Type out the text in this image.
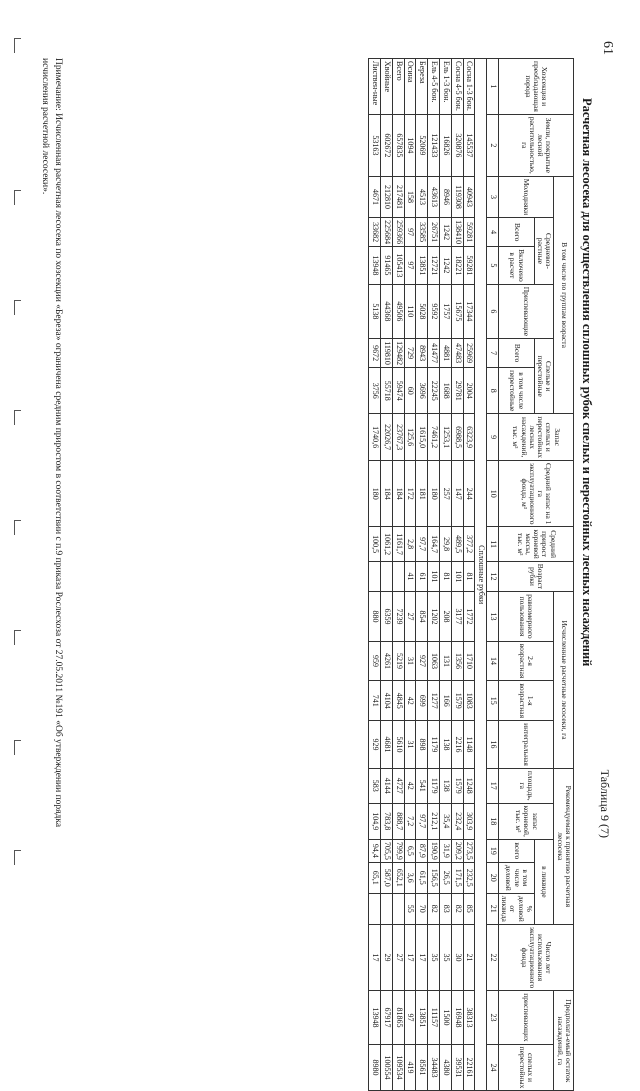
Таблица 9 (7)
Расчетная лесосека для осуществления сплошных рубок спелых и перестойных лесных насаждений
Хозсекция и преобладающая порода	Земли, покрытые лесной растительностью, га	В том числе по группам возраста						Запас спелых и перестойных лесных насаждений, тыс. м³	Средний запас на 1 га эксплуатационного фонда, м³	Средний прирост корневой массы, тыс. м³	Возраст рубки	Исчисленные расчетные лесосеки, га				Рекомендуемая к принятию расчетная лесосека					Число лет использования эксплуатационного фонда	Предполага-емый остаток насаждений, га	
		Молодняки	Средневоз-растные		Приспевающие	Спелые и перестойные						равномерного пользования	2-я возрастная	1-я возрастная	интегральная	площадь, га	запас корневой, тыс. м³	в ликвиде				приспевающих	спелых и перестойных
			Всего	Включено в расчет		Всего	в том числе перестойные											всего	в том числе деловой	% деловой от ликвида			

1	2	3	4	5	6	7	8	9	10	11	12	13	14	15	16	17	18	19	20	21	22	23	24
Сплошные рубки																							
Сосна 1-3 бон.	145537	40943	59281	59281	17344	25969	2004	6323,9	244	377,2	81	1772	1710	1083	1148	1248	303,9	273,5	232,5	85	21	38313	22161
Сосна 4-5 бон.	320876	119308	138410	18221	15675	47483	29781	6988,5	147	489,5	101	3177	1356	1579	2216	1579	232,4	209,2	171,5	82	30	16948	39531
Ель 1-3 бон.	16826	8946	1242	1242	1757	4881	1688	1253,1	257	29,8	81	208	131	166	138	138	35,4	31,9	26,5	83	35	1500	4380
Ель 4-5 бон.	121433	43613	26751	12721	9592	41477	22245	7461,2	180	164,7	101	1202	1063	1277	1179	1179	212,1	190,9	156,5	82	35	11157	34483
Береза	52069	4513	33585	13851	5028	8943	3696	1615,0	181	97,7	61	854	927	699	898	541	97,7	87,9	61,5	70	17	13851	8561
Осина	1094	158	97	97	110	729	60	125,6	172	2,8	41	27	31	42	31	42	7,2	6,5	3,6	55	17	97	419
Всего	657835	217481	259366	105413	49506	129482	59474	23767,3	184	1161,7		7239	5219	4845	5610	4727	888,7	799,9	652,1		27	81865	109534
Хвойные	602672	212810	225684	91465	44368	119810	55718	22026,7	184	1061,2		6359	4261	4104	4681	4144	783,8	705,5	587,0		29	67917	100554
Листвен-ные	53163	4671	33682	13948	5138	9672	3756	1740,6	180	100,5		880	959	741	929	583	104,9	94,4	65,1		17	13948	8980
Примечание: Исчисленная расчетная лесосека по хозсекции «Береза» ограничена средним приростом в соответствии с п.9 приказа Рослесхоза от 27.05.2011 №191 «Об утверждении порядка исчисления расчетной лесосеки».
61
